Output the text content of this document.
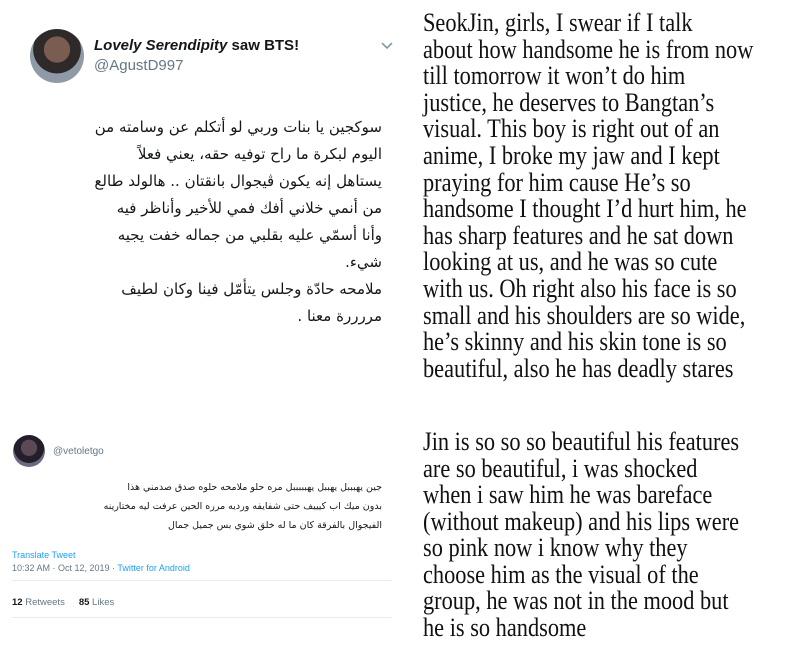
Lovely Serendipity saw BTS!
@AgustD997

سوكجين يا بنات وربي لو أتكلم عن وسامته من

اليوم لبكرة ما راح توفيه حقه، يعني فعلاً

يستاهل إنه يكون ڤيجوال بانقتان .. هالولد طالع

من أنمي خلاني أفك فمي للأخير وأناظر فيه

وأنا أسمّي عليه بقلبي من جماله خفت يجيه

شيء.

ملامحه حادّة وجلس يتأمّل فينا وكان لطيف

مررررة معنا .

@vetoletgo

جين يهبببل يهببل يهبببببل مره حلو ملامحه حلوه صدق صدمني هذا

بدون ميك اب كيييف حتى شفايفه ورديه مرره الحين عرفت ليه مختارينه

الفيجوال بالفرقة كان ما له خلق شوي بس جميل جمال

Translate Tweet
10:32 AM · Oct 12, 2019 · Twitter for Android
12 Retweets 85 Likes

SeokJin, girls, I swear if I talk

about how handsome he is from now

till tomorrow it won’t do him

justice, he deserves to Bangtan’s

visual. This boy is right out of an

anime, I broke my jaw and I kept

praying for him cause He’s so

handsome I thought I’d hurt him, he

has sharp features and he sat down

looking at us, and he was so cute

with us. Oh right also his face is so

small and his shoulders are so wide,

he’s skinny and his skin tone is so

beautiful, also he has deadly stares

Jin is so so so beautiful his features

are so beautiful, i was shocked

when i saw him he was bareface

(without makeup) and his lips were

so pink now i know why they

choose him as the visual of the

group, he was not in the mood but

he is so handsome
